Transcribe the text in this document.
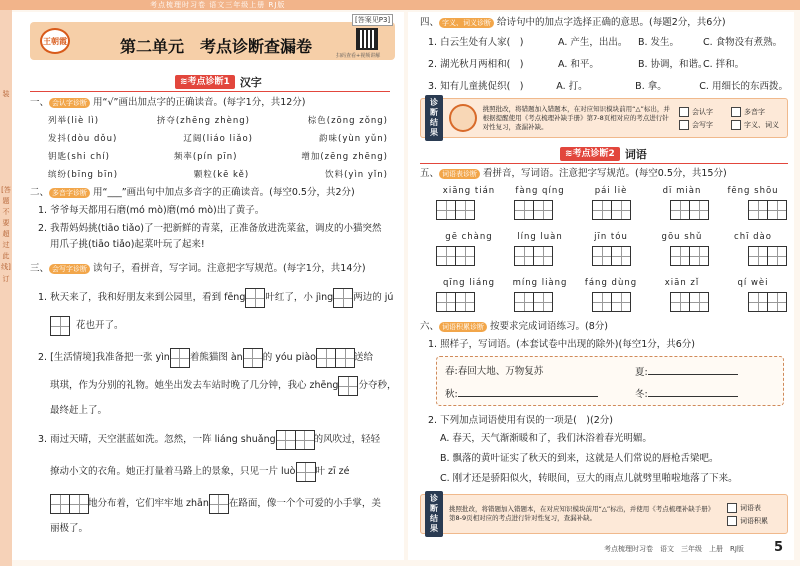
考点梳理时习卷 语文三年级上册 RJ版
装
[答
题
不
要
超
过
此
线]
订
王朝霞	第二单元　考点诊断查漏卷	扫码查看+视频讲解
[答案见P3]
≋考点诊断1 汉字
一、 会认字诊断 用“√”画出加点字的正确读音。(每字1分，共12分)
列举(liè lì)	挤夺(zhēng zhèng)	棕色(zōng zǒng)
发抖(dòu dǒu)	辽阔(liáo liǎo)	韵味(yùn yǔn)
钥匙(shi chí)	频率(pín pīn)	增加(zēng zhēng)
缤纷(bīng bīn)	颗粒(kē kě)	饮料(yìn yǐn)
二、 多音字诊断 用“___”画出句中加点多音字的正确读音。(每空0.5分，共2分)
1. 爷爷每天都用石磨(mó mò)磨(mó mò)出了黄子。
2. 我帮妈妈挑(tiāo tiǎo)了一把新鲜的青菜，正准备放进洗菜盆，调皮的小猫突然
用爪子挑(tiāo tiǎo)起菜叶玩了起来!
三、 会写字诊断 读句子，看拼音，写字词。注意把字写规范。(每字1分，共14分)
1. 秋天来了，我和好朋友来到公园里，看到 fēng 叶红了，小 jìng 两边的 jú
花也开了。
2. [生活情境]我准备把一张 yìn 着熊猫图 àn 的 yóu piào	送给
琪琪，作为分别的礼物。她坐出发去车站时晚了几分钟，我心 zhēng 分夺秒，
最终赶上了。
3. 雨过天晴，天空湛蓝如洗。忽然，一阵 liáng shuǎng	的风吹过，轻轻
撩动小文的衣角。她正打量着马路上的景象，只见一片 luò 叶 zī zé
地分布着，它们牢牢地 zhān 在路面，像一个个可爱的小手掌，美
丽极了。
四、 字义、词义诊断 给诗句中的加点字选择正确的意思。(每题2分，共6分)
1. 白云生处有人家(　)	A. 产生，出出。	B. 发生。	C. 食物没有煮熟。
2. 湖光秋月两相和(　)	A. 和平。	B. 协调，和谐。
C. 拌和。
3. 知有儿童挑促织(　)	A. 打。	B. 拿。	C. 用细长的东西拨。
诊断结果
挑照批改，将错题加入错题本，在对应知识模块前用“△”标出，并根据提醒使用《考点梳理补缺手册》第7-8页相对应的考点进行针对性复习，查漏补缺。
会认字	多音字
会写字	字义、词义
≋考点诊断2 词语
五、 词语表诊断 看拼音，写词语。注意把字写规范。(每空0.5分，共15分)
xiāng tián	fàng qíng	pái liè	dī miàn	fēng shōu
gē chàng	líng luàn	jīn tóu	gōu shǔ	chī dào
qīng liáng	míng liàng	fáng dùng	xiān zǐ	qí wèi
六、 词语积累诊断 按要求完成词语练习。(8分)
1. 照样子，写词语。(本套试卷中出现的除外)(每空1分，共6分)
春:春回大地、万物复苏	夏:
秋:	冬:
2. 下列加点词语使用有误的一项是(　)(2分)
A. 春天，天气渐渐暖和了，我们沐浴着春光明媚。
B. 飘落的黄叶证实了秋天的到来，这就是人们常说的唇枪舌梁吧。
C. 刚才还是骄阳似火，转眼间，豆大的雨点儿就劈里啪啦地落了下来。
诊断结果
挑照批改，将错题加入错题本，在对应知识模块前用“△”标出，并使用《考点梳理补缺手册》第8-9页相对应的考点进行针对性复习，查漏补缺。
词语表
词语积累
考点梳理时习卷　语文　三年级　上册　RJ版 5
